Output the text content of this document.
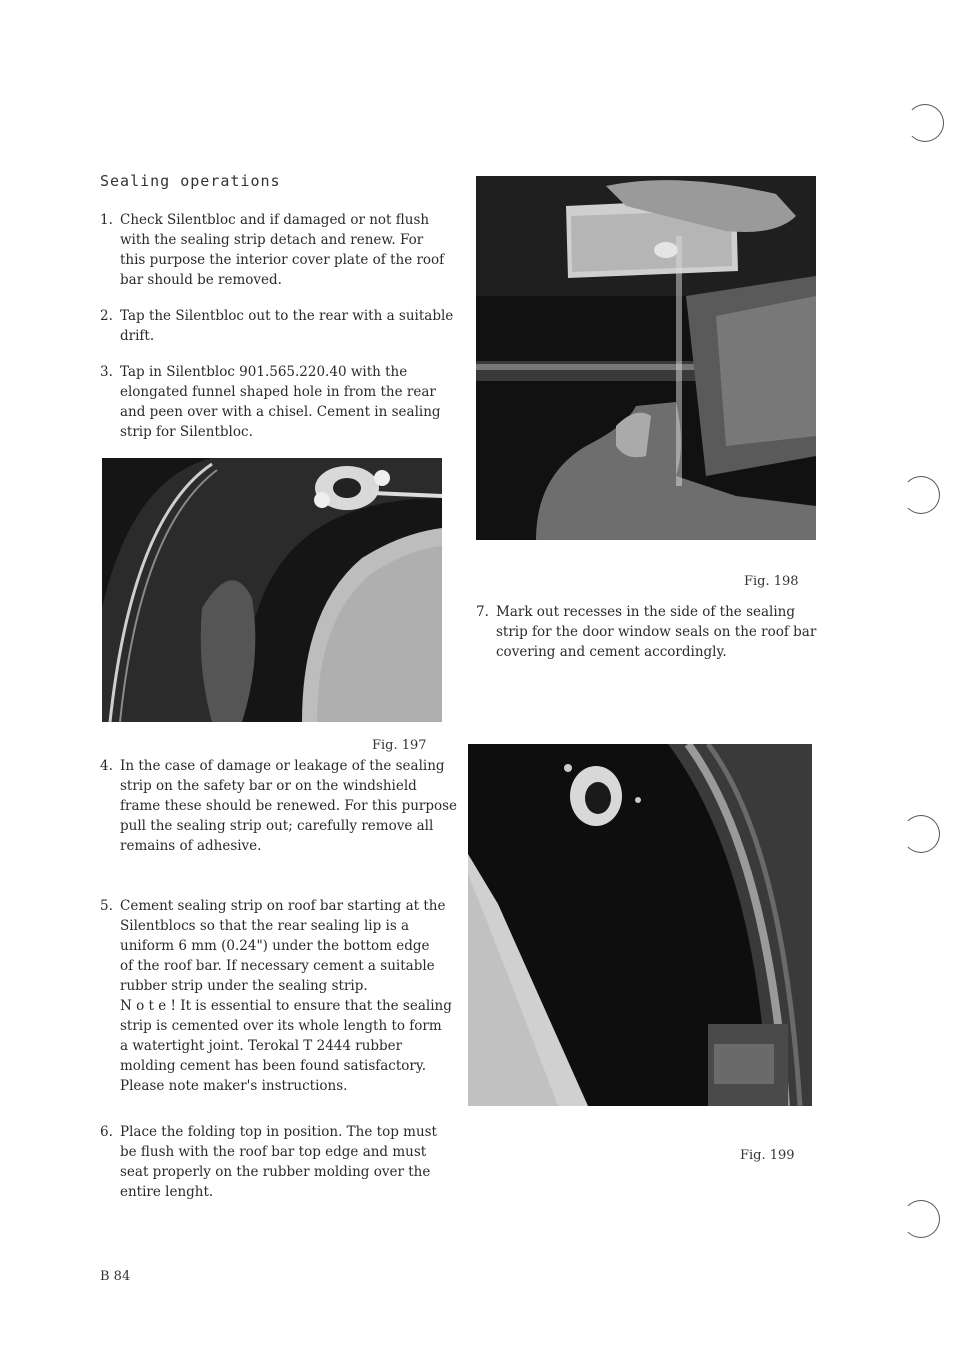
Sealing operations
1. Check Silentbloc and if damaged or not flush
with the sealing strip detach and renew. For
this purpose the interior cover plate of the roof
bar should be removed.
2. Tap the Silentbloc out to the rear with a suitable
drift.
3. Tap in Silentbloc 901.565.220.40 with the
elongated funnel shaped hole in from the rear
and peen over with a chisel. Cement in sealing
strip for Silentbloc.
Fig. 197
4. In the case of damage or leakage of the sealing
strip on the safety bar or on the windshield
frame these should be renewed. For this purpose
pull the sealing strip out; carefully remove all
remains of adhesive.
5. Cement sealing strip on roof bar starting at the
Silentblocs so that the rear sealing lip is a
uniform 6 mm (0.24") under the bottom edge
of the roof bar. If necessary cement a suitable
rubber strip under the sealing strip.
N o t e ! It is essential to ensure that the sealing
strip is cemented over its whole length to form
a watertight joint. Terokal T 2444 rubber
molding cement has been found satisfactory.
Please note maker's instructions.
6. Place the folding top in position. The top must
be flush with the roof bar top edge and must
seat properly on the rubber molding over the
entire lenght.
Fig. 198
7. Mark out recesses in the side of the sealing
strip for the door window seals on the roof bar
covering and cement accordingly.
Fig. 199
B 84
